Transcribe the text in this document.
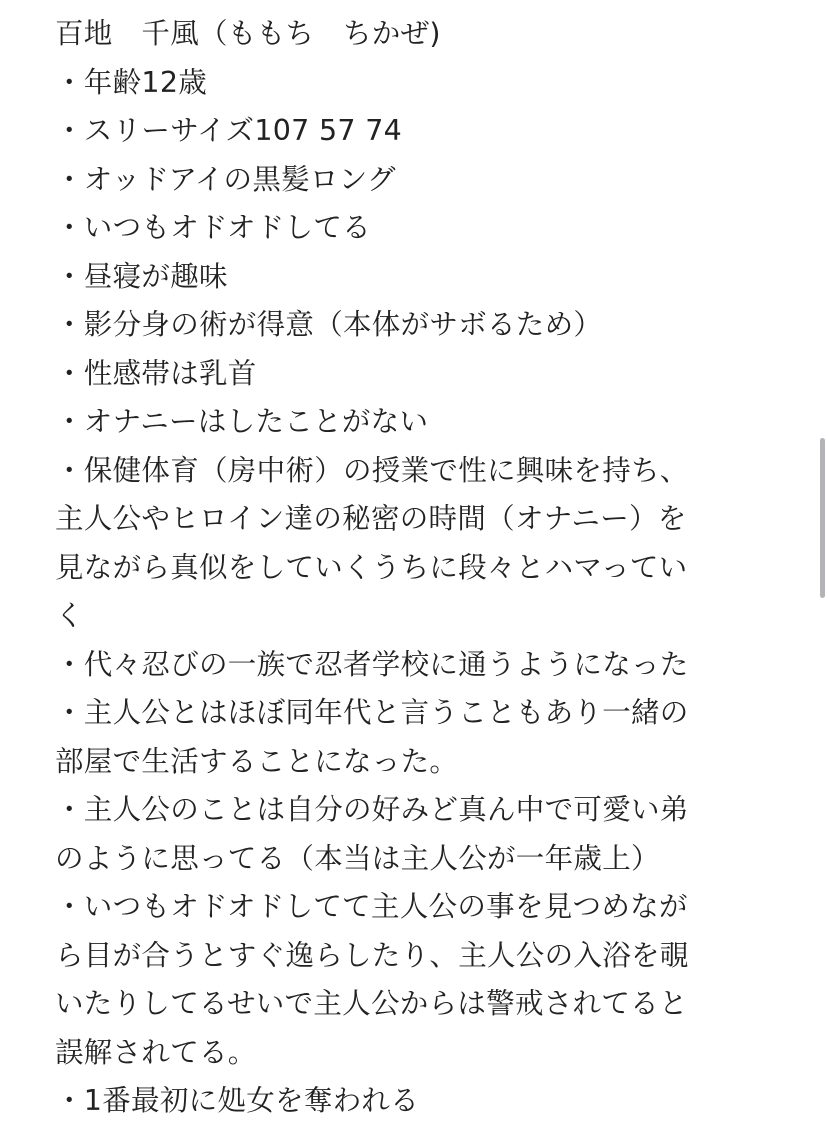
百地　千風（ももち　ちかぜ)
・年齢12歳
・スリーサイズ107 57 74
・オッドアイの黒髪ロング
・いつもオドオドしてる
・昼寝が趣味
・影分身の術が得意（本体がサボるため）
・性感帯は乳首
・オナニーはしたことがない
・保健体育（房中術）の授業で性に興味を持ち、
主人公やヒロイン達の秘密の時間（オナニー）を
見ながら真似をしていくうちに段々とハマってい
く
・代々忍びの一族で忍者学校に通うようになった
・主人公とはほぼ同年代と言うこともあり一緒の
部屋で生活することになった。
・主人公のことは自分の好みど真ん中で可愛い弟
のように思ってる（本当は主人公が一年歳上）
・いつもオドオドしてて主人公の事を見つめなが
ら目が合うとすぐ逸らしたり、主人公の入浴を覗
いたりしてるせいで主人公からは警戒されてると
誤解されてる。
・1番最初に処女を奪われる
